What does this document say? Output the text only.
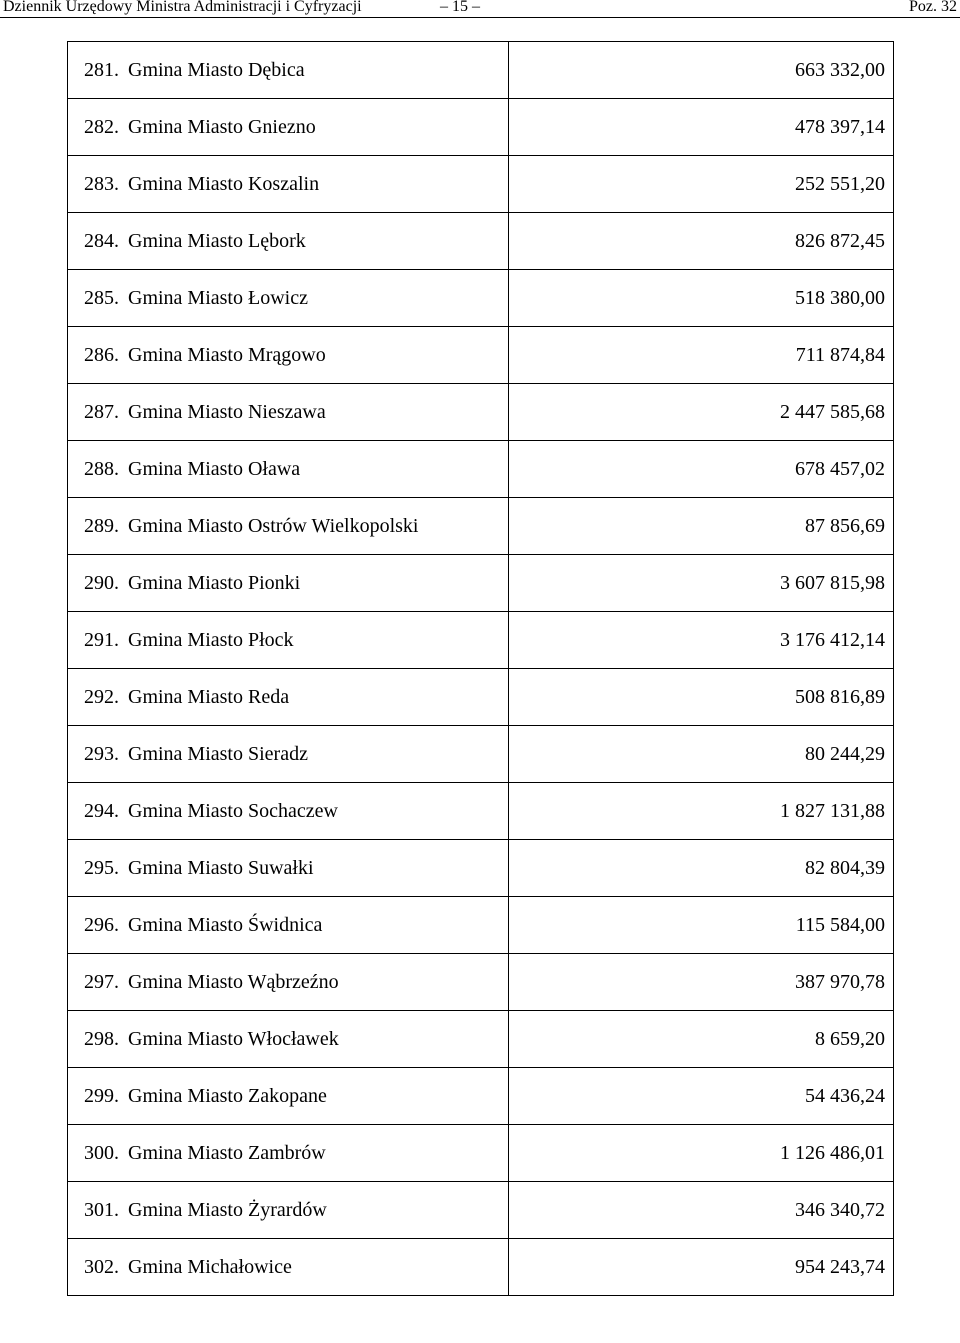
Dziennik Urzędowy Ministra Administracji i Cyfryzacji	– 15 –	Poz. 32
281.	Gmina Miasto Dębica	663 332,00
282.	Gmina Miasto Gniezno	478 397,14
283.	Gmina Miasto Koszalin	252 551,20
284.	Gmina Miasto Lębork	826 872,45
285.	Gmina Miasto Łowicz	518 380,00
286.	Gmina Miasto Mrągowo	711 874,84
287.	Gmina Miasto Nieszawa	2 447 585,68
288.	Gmina Miasto Oława	678 457,02
289.	Gmina Miasto Ostrów Wielkopolski	87 856,69
290.	Gmina Miasto Pionki	3 607 815,98
291.	Gmina Miasto Płock	3 176 412,14
292.	Gmina Miasto Reda	508 816,89
293.	Gmina Miasto Sieradz	80 244,29
294.	Gmina Miasto Sochaczew	1 827 131,88
295.	Gmina Miasto Suwałki	82 804,39
296.	Gmina Miasto Świdnica	115 584,00
297.	Gmina Miasto Wąbrzeźno	387 970,78
298.	Gmina Miasto Włocławek	8 659,20
299.	Gmina Miasto Zakopane	54 436,24
300.	Gmina Miasto Zambrów	1 126 486,01
301.	Gmina Miasto Żyrardów	346 340,72
302.	Gmina Michałowice	954 243,74
